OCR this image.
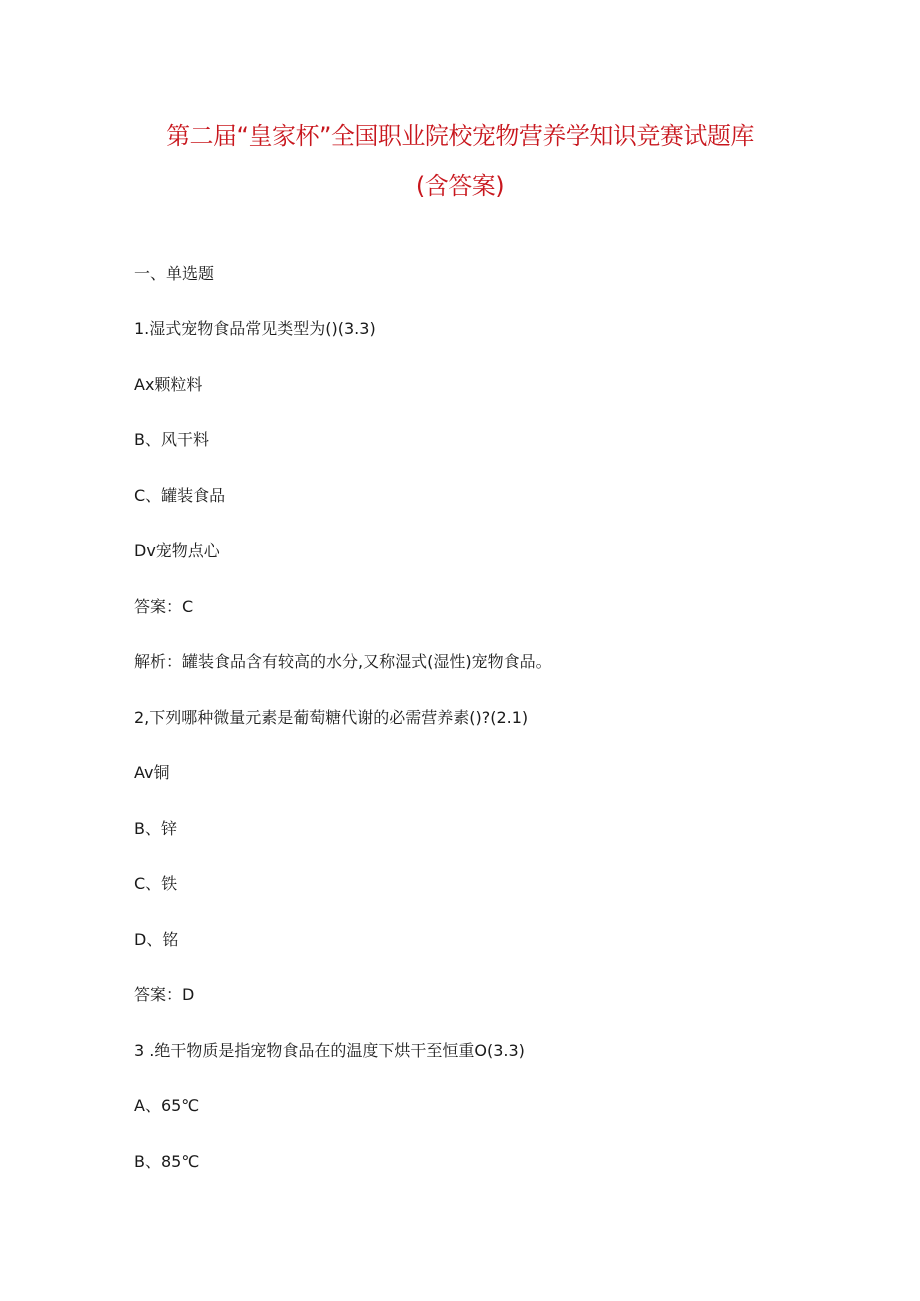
第二届“皇家杯”全国职业院校宠物营养学知识竞赛试题库
(含答案)
一、单选题
1.湿式宠物食品常见类型为()(3.3)
Ax颗粒料
B、风干料
C、罐装食品
Dv宠物点心
答案：C
解析：罐装食品含有较高的水分,又称湿式(湿性)宠物食品。
2,下列哪种微量元素是葡萄糖代谢的必需营养素()?(2.1)
Av铜
B、锌
C、铁
D、铭
答案：D
3 .绝干物质是指宠物食品在的温度下烘干至恒重O(3.3)
A、65℃
B、85℃
